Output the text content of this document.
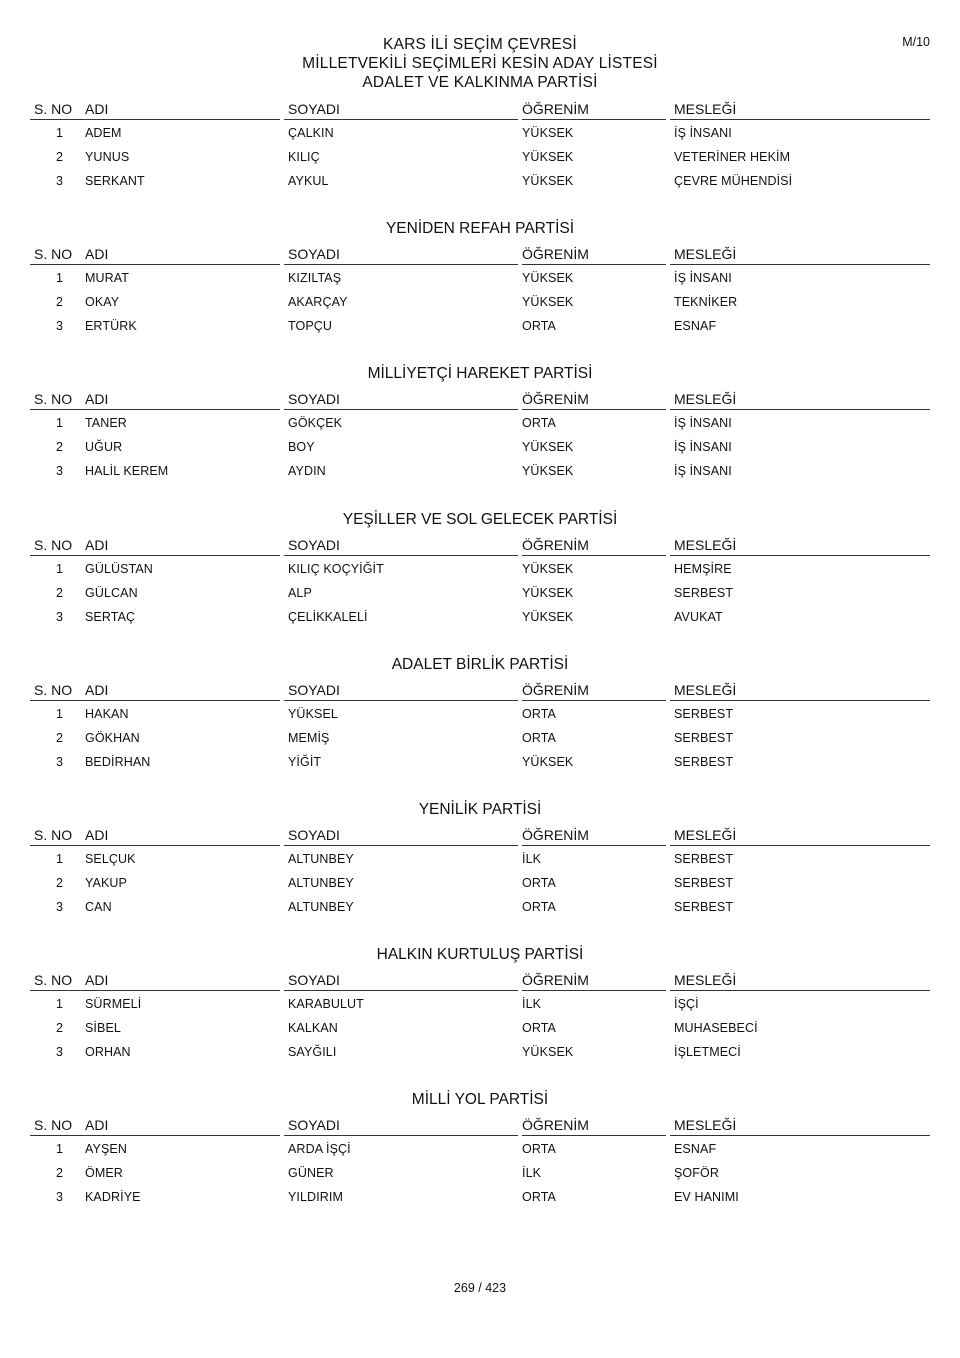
KARS İLİ SEÇİM ÇEVRESİ
MİLLETVEKİLİ SEÇİMLERİ KESİN ADAY LİSTESİ
ADALET VE KALKINMA PARTİSİ
M/10
S. NO ADI	SOYADI	ÖĞRENİM	MESLEĞİ
1 ADEM	ÇALKIN	YÜKSEK	İŞ İNSANI
2 YUNUS	KILIÇ	YÜKSEK	VETERİNER HEKİM
3 SERKANT	AYKUL	YÜKSEK	ÇEVRE MÜHENDİSİ
YENİDEN REFAH PARTİSİ
S. NO ADI	SOYADI	ÖĞRENİM	MESLEĞİ
1 MURAT	KIZILTAŞ	YÜKSEK	İŞ İNSANI
2 OKAY	AKARÇAY	YÜKSEK	TEKNİKER
3 ERTÜRK	TOPÇU	ORTA	ESNAF
MİLLİYETÇİ HAREKET PARTİSİ
S. NO ADI	SOYADI	ÖĞRENİM	MESLEĞİ
1 TANER	GÖKÇEK	ORTA	İŞ İNSANI
2 UĞUR	BOY	YÜKSEK	İŞ İNSANI
3 HALİL KEREM	AYDIN	YÜKSEK	İŞ İNSANI
YEŞİLLER VE SOL GELECEK PARTİSİ
S. NO ADI	SOYADI	ÖĞRENİM	MESLEĞİ
1 GÜLÜSTAN	KILIÇ KOÇYİĞİT	YÜKSEK	HEMŞİRE
2 GÜLCAN	ALP	YÜKSEK	SERBEST
3 SERTAÇ	ÇELİKKALELİ	YÜKSEK	AVUKAT
ADALET BİRLİK PARTİSİ
S. NO ADI	SOYADI	ÖĞRENİM	MESLEĞİ
1 HAKAN	YÜKSEL	ORTA	SERBEST
2 GÖKHAN	MEMİŞ	ORTA	SERBEST
3 BEDİRHAN	YİĞİT	YÜKSEK	SERBEST
YENİLİK PARTİSİ
S. NO ADI	SOYADI	ÖĞRENİM	MESLEĞİ
1 SELÇUK	ALTUNBEY	İLK	SERBEST
2 YAKUP	ALTUNBEY	ORTA	SERBEST
3 CAN	ALTUNBEY	ORTA	SERBEST
HALKIN KURTULUŞ PARTİSİ
S. NO ADI	SOYADI	ÖĞRENİM	MESLEĞİ
1 SÜRMELİ	KARABULUT	İLK	İŞÇİ
2 SİBEL	KALKAN	ORTA	MUHASEBECİ
3 ORHAN	SAYĞILI	YÜKSEK	İŞLETMECİ
MİLLİ YOL PARTİSİ
S. NO ADI	SOYADI	ÖĞRENİM	MESLEĞİ
1 AYŞEN	ARDA İŞÇİ	ORTA	ESNAF
2 ÖMER	GÜNER	İLK	ŞOFÖR
3 KADRİYE	YILDIRIM	ORTA	EV HANIMI
269 / 423
